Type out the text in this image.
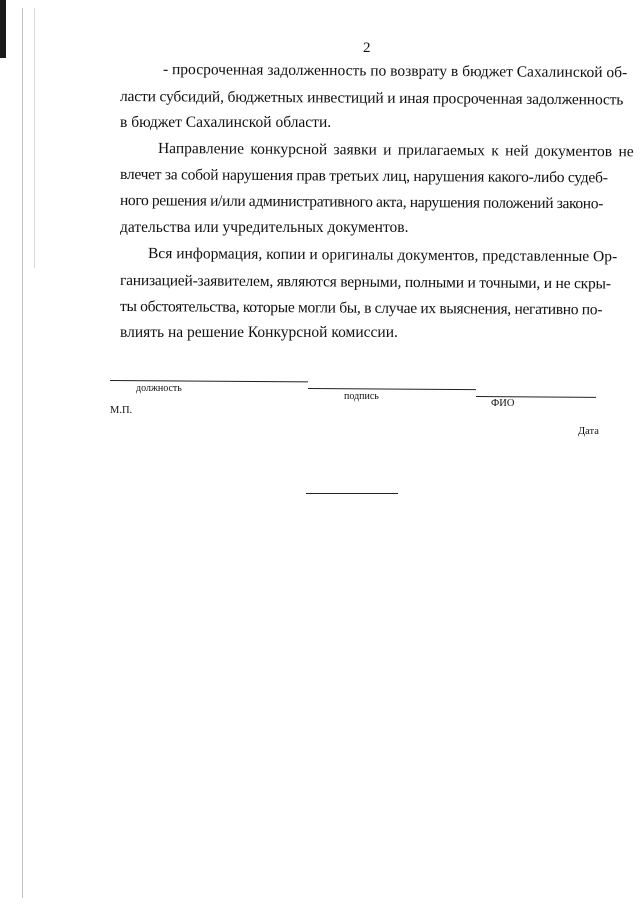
2
- просроченная задолженность по возврату в бюджет Сахалинской об-
ласти субсидий, бюджетных инвестиций и иная просроченная задолженность
в бюджет Сахалинской области.
Направление конкурсной заявки и прилагаемых к ней документов не
влечет за собой нарушения прав третьих лиц, нарушения какого-либо судеб-
ного решения и/или административного акта, нарушения положений законо-
дательства или учредительных документов.
Вся информация, копии и оригиналы документов, представленные Ор-
ганизацией-заявителем, являются верными, полными и точными, и не скры-
ты обстоятельства, которые могли бы, в случае их выяснения, негативно по-
влиять на решение Конкурсной комиссии.
должность
подпись
ФИО
М.П.
Дата
